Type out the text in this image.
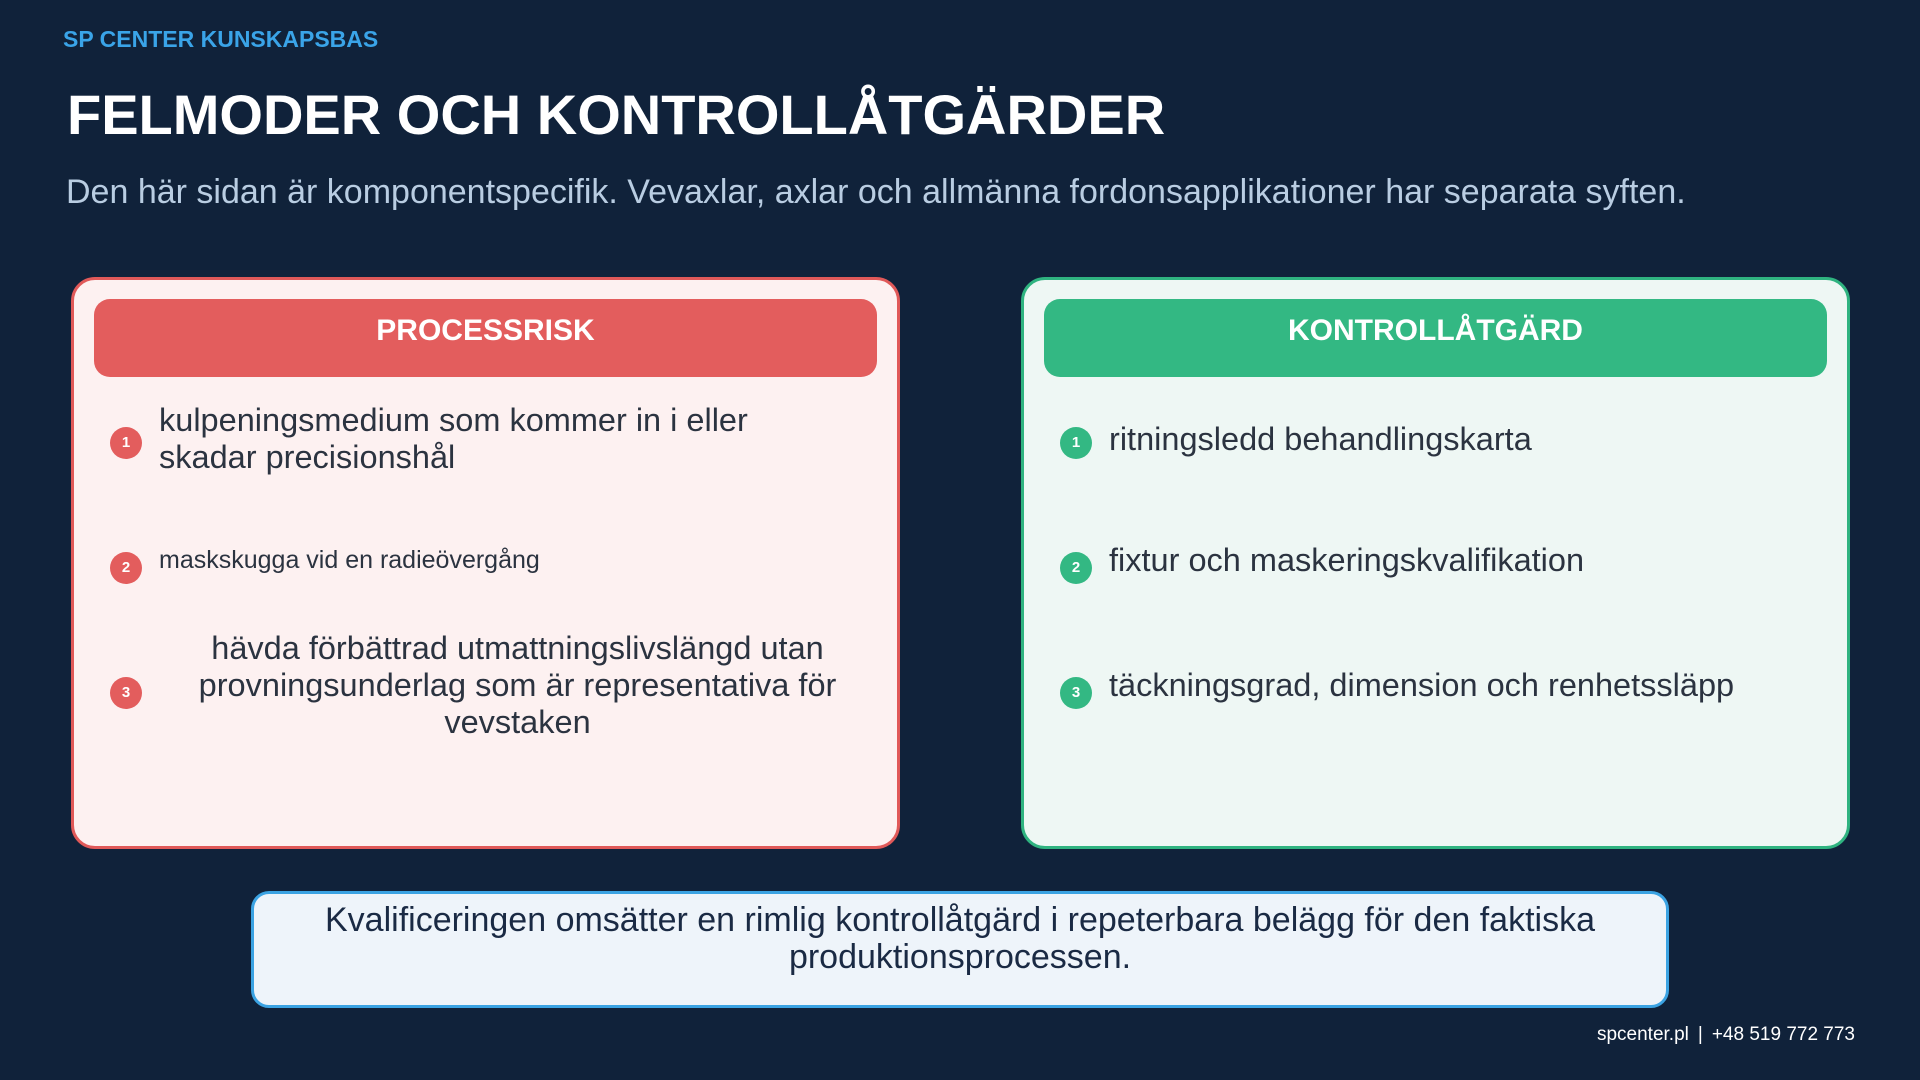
SP CENTER KUNSKAPSBAS
FELMODER OCH KONTROLLÅTGÄRDER

Den här sidan är komponentspecifik. Vevaxlar, axlar och allmänna fordonsapplikationer har separata syften.

PROCESSRISK
1
kulpeningsmedium som kommer in i eller skadar precisionshål
2	maskskugga vid en radieövergång
3
hävda förbättrad utmattningslivslängd utan provningsunderlag som är representativa för vevstaken
KONTROLLÅTGÄRD
1 ritningsledd behandlingskarta
2 fixtur och maskeringskvalifikation
3 täckningsgrad, dimension och renhetssläpp
Kvalificeringen omsätter en rimlig kontrollåtgärd i repeterbara belägg för den faktiska produktionsprocessen.
spcenter.pl | +48 519 772 773
